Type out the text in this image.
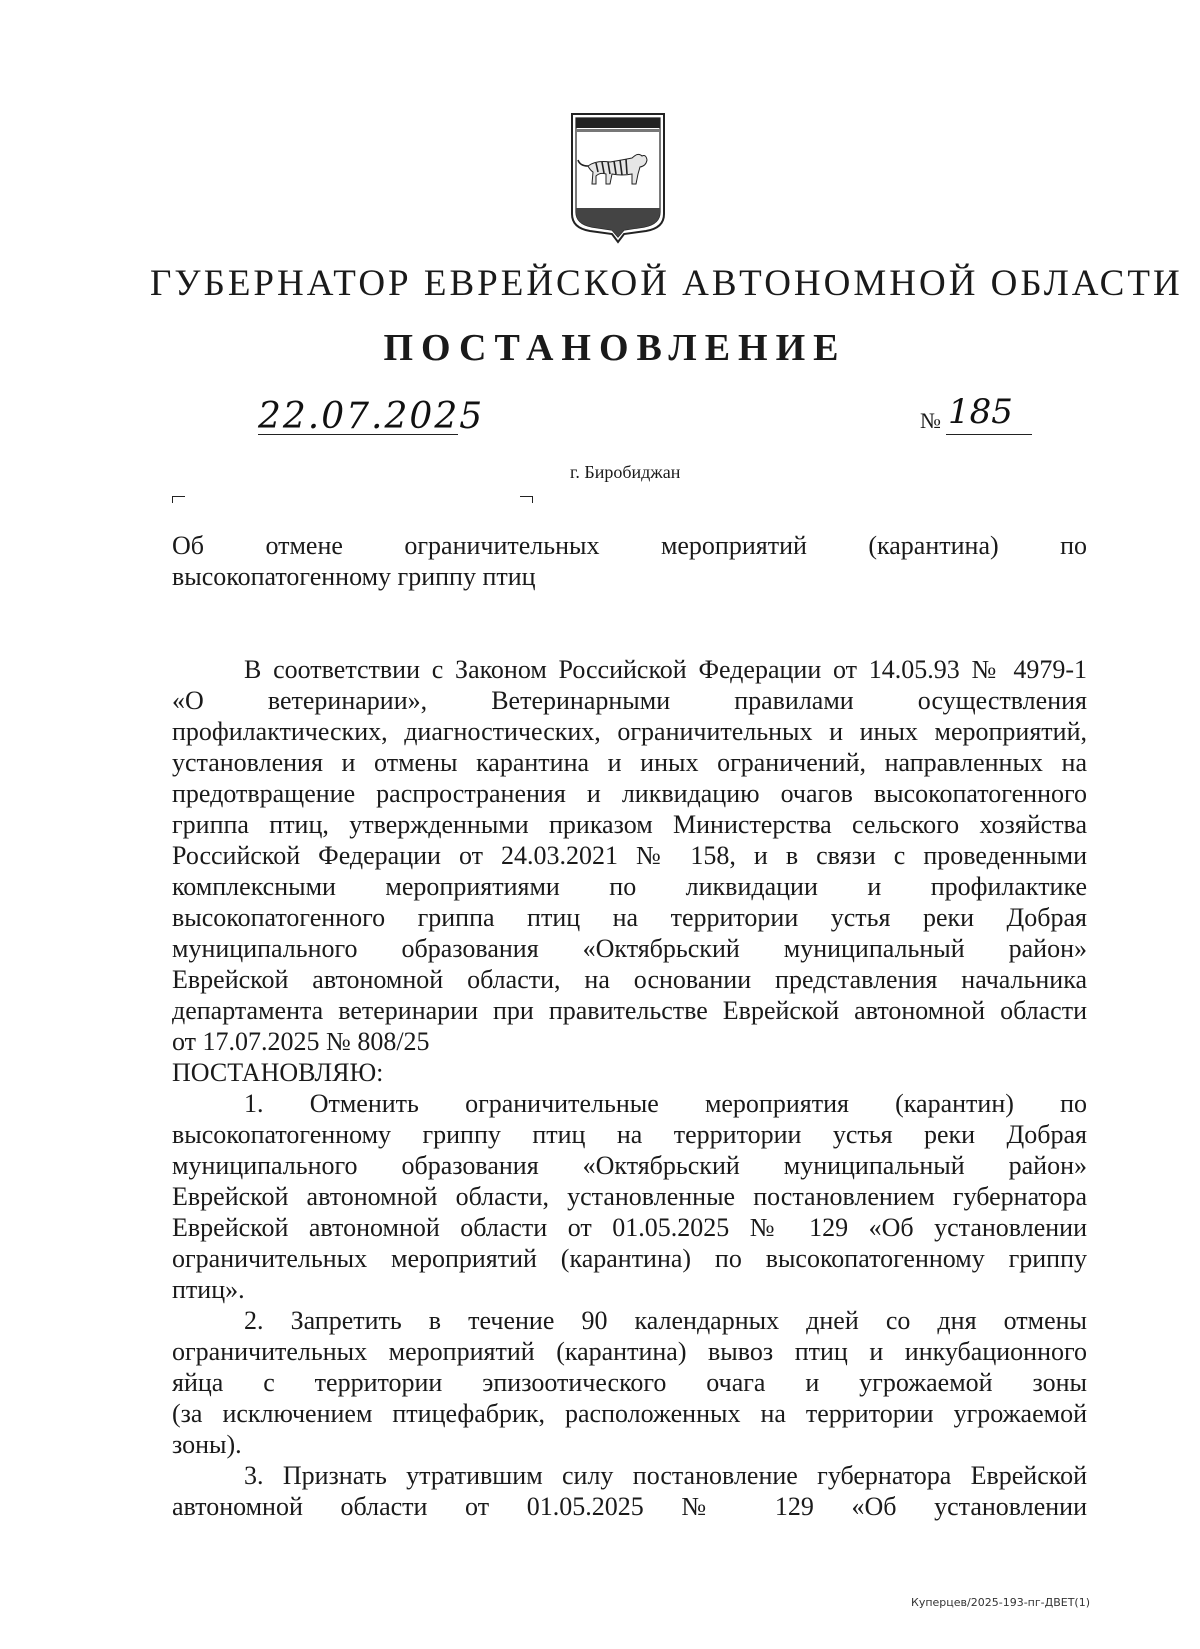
ГУБЕРНАТОР ЕВРЕЙСКОЙ АВТОНОМНОЙ ОБЛАСТИ
ПОСТАНОВЛЕНИЕ
22.07.2025	№ 185
г. Биробиджан
Об отмене ограничительных мероприятий (карантина) по
высокопатогенному гриппу птиц
В соответствии с Законом Российской Федерации от 14.05.93 № 4979-1
«О ветеринарии», Ветеринарными правилами осуществления
профилактических, диагностических, ограничительных и иных мероприятий,
установления и отмены карантина и иных ограничений, направленных на
предотвращение распространения и ликвидацию очагов высокопатогенного
гриппа птиц, утвержденными приказом Министерства сельского хозяйства
Российской Федерации от 24.03.2021 № 158, и в связи с проведенными
комплексными мероприятиями по ликвидации и профилактике
высокопатогенного гриппа птиц на территории устья реки Добрая
муниципального образования «Октябрьский муниципальный район»
Еврейской автономной области, на основании представления начальника
департамента ветеринарии при правительстве Еврейской автономной области
от 17.07.2025 № 808/25
ПОСТАНОВЛЯЮ:
1. Отменить ограничительные мероприятия (карантин) по
высокопатогенному гриппу птиц на территории устья реки Добрая
муниципального образования «Октябрьский муниципальный район»
Еврейской автономной области, установленные постановлением губернатора
Еврейской автономной области от 01.05.2025 № 129 «Об установлении
ограничительных мероприятий (карантина) по высокопатогенному гриппу
птиц».
2. Запретить в течение 90 календарных дней со дня отмены
ограничительных мероприятий (карантина) вывоз птиц и инкубационного
яйца с территории эпизоотического очага и угрожаемой зоны
(за исключением птицефабрик, расположенных на территории угрожаемой
зоны).
3. Признать утратившим силу постановление губернатора Еврейской
автономной области от 01.05.2025 № 129 «Об установлении
Куперцев/2025-193-пг-ДВЕТ(1)
